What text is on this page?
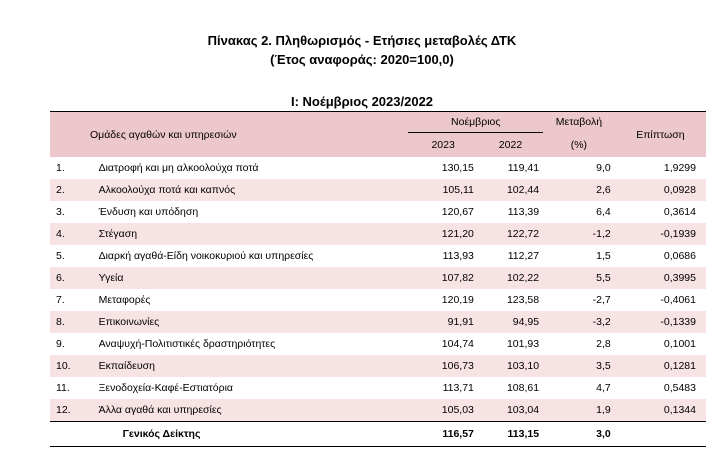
Πίνακας 2. Πληθωρισμός - Ετήσιες μεταβολές ΔΤΚ
(Έτος αναφοράς: 2020=100,0)
Ι: Νοέμβριος 2023/2022
Ομάδες αγαθών και υπηρεσιών		Νοέμβριος		Μεταβολή	Επίπτωση
		2023	2022	(%)	
1.	Διατροφή και μη αλκοολούχα ποτά	130,15	119,41	9,0	1,9299
2.	Αλκοολούχα ποτά και καπνός	105,11	102,44	2,6	0,0928
3.	Ένδυση και υπόδηση	120,67	113,39	6,4	0,3614
4.	Στέγαση	121,20	122,72	-1,2	-0,1939
5.	Διαρκή αγαθά-Είδη νοικοκυριού και υπηρεσίες	113,93	112,27	1,5	0,0686
6.	Υγεία	107,82	102,22	5,5	0,3995
7.	Μεταφορές	120,19	123,58	-2,7	-0,4061
8.	Επικοινωνίες	91,91	94,95	-3,2	-0,1339
9.	Αναψυχή-Πολιτιστικές δραστηριότητες	104,74	101,93	2,8	0,1001
10.	Εκπαίδευση	106,73	103,10	3,5	0,1281
11.	Ξενοδοχεία-Καφέ-Εστιατόρια	113,71	108,61	4,7	0,5483
12.	Άλλα αγαθά και υπηρεσίες	105,03	103,04	1,9	0,1344
	Γενικός Δείκτης	116,57	113,15	3,0	
